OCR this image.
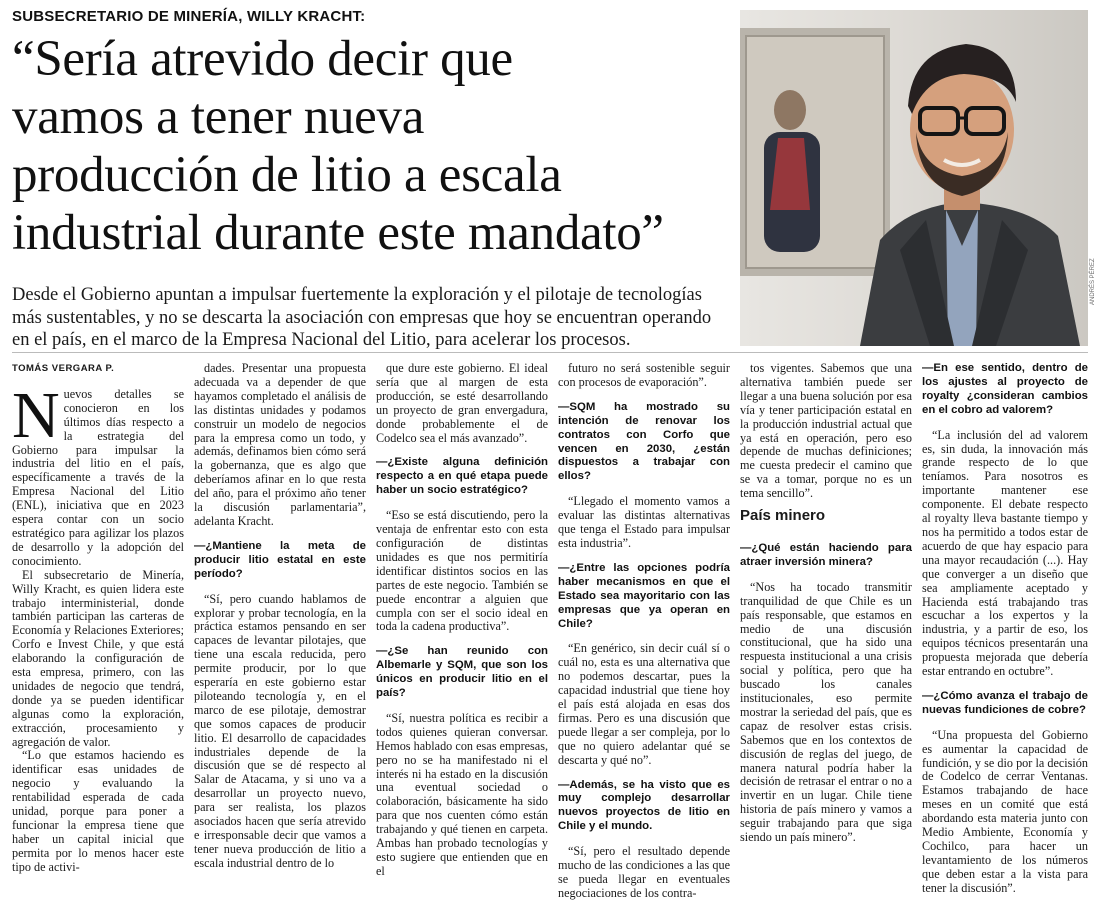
SUBSECRETARIO DE MINERÍA, WILLY KRACHT:
“Sería atrevido decir que
vamos a tener nueva
producción de litio a escala
industrial durante este mandato”
Desde el Gobierno apuntan a impulsar fuertemente la exploración y el pilotaje de tecnologías
más sustentables, y no se descarta la asociación con empresas que hoy se encuentran operando
en el país, en el marco de la Empresa Nacional del Litio, para acelerar los procesos.
ANDRÉS PÉREZ

TOMÁS VERGARA P.

N uevos detalles se conocieron en los últimos días respecto a la estrategia del Gobierno para impulsar la industria del litio en el país, específicamente a través de la Empresa Nacional del Litio (ENL), iniciativa que en 2023 espera contar con un socio estratégico para agilizar los plazos de desarrollo y la adopción del conocimiento.

El subsecretario de Minería, Willy Kracht, es quien lidera este trabajo interministerial, donde también participan las carteras de Economía y Relaciones Exteriores; Corfo e Invest Chile, y que está elaborando la configuración de esta empresa, primero, con las unidades de negocio que tendrá, donde ya se pueden identificar algunas como la exploración, extracción, procesamiento y agregación de valor.

“Lo que estamos haciendo es identificar esas unidades de negocio y evaluando la rentabilidad esperada de cada unidad, porque para poner a funcionar la empresa tiene que haber un capital inicial que permita por lo menos hacer este tipo de activi-

dades. Presentar una propuesta adecuada va a depender de que hayamos completado el análisis de las distintas unidades y podamos construir un modelo de negocios para la empresa como un todo, y además, definamos bien cómo será la gobernanza, que es algo que deberíamos afinar en lo que resta del año, para el próximo año tener la discusión parlamentaria”, adelanta Kracht.

—¿Mantiene la meta de producir litio estatal en este período?

“Sí, pero cuando hablamos de explorar y probar tecnología, en la práctica estamos pensando en ser capaces de levantar pilotajes, que tiene una escala reducida, pero permite producir, por lo que esperaría en este gobierno estar piloteando tecnología y, en el marco de ese pilotaje, demostrar que somos capaces de producir litio. El desarrollo de capacidades industriales depende de la discusión que se dé respecto al Salar de Atacama, y si uno va a desarrollar un proyecto nuevo, para ser realista, los plazos asociados hacen que sería atrevido e irresponsable decir que vamos a tener nueva producción de litio a escala industrial dentro de lo

que dure este gobierno. El ideal sería que al margen de esta producción, se esté desarrollando un proyecto de gran envergadura, donde probablemente el de Codelco sea el más avanzado”.

—¿Existe alguna definición respecto a en qué etapa puede haber un socio estratégico?

“Eso se está discutiendo, pero la ventaja de enfrentar esto con esta configuración de distintas unidades es que nos permitiría identificar distintos socios en las partes de este negocio. También se puede encontrar a alguien que cumpla con ser el socio ideal en toda la cadena productiva”.

—¿Se han reunido con Albemarle y SQM, que son los únicos en producir litio en el país?

“Sí, nuestra política es recibir a todos quienes quieran conversar. Hemos hablado con esas empresas, pero no se ha manifestado ni el interés ni ha estado en la discusión una eventual sociedad o colaboración, básicamente ha sido para que nos cuenten cómo están trabajando y qué tienen en carpeta. Ambas han probado tecnologías y esto sugiere que entienden que en el

futuro no será sostenible seguir con procesos de evaporación”.

—SQM ha mostrado su intención de renovar los contratos con Corfo que vencen en 2030, ¿están dispuestos a trabajar con ellos?

“Llegado el momento vamos a evaluar las distintas alternativas que tenga el Estado para impulsar esta industria”.

—¿Entre las opciones podría haber mecanismos en que el Estado sea mayoritario con las empresas que ya operan en Chile?

“En genérico, sin decir cuál sí o cuál no, esta es una alternativa que no podemos descartar, pues la capacidad industrial que tiene hoy el país está alojada en esas dos firmas. Pero es una discusión que puede llegar a ser compleja, por lo que no quiero adelantar qué se descarta y qué no”.

—Además, se ha visto que es muy complejo desarrollar nuevos proyectos de litio en Chile y el mundo.

“Sí, pero el resultado depende mucho de las condiciones a las que se pueda llegar en eventuales negociaciones de los contra-

tos vigentes. Sabemos que una alternativa también puede ser llegar a una buena solución por esa vía y tener participación estatal en la producción industrial actual que ya está en operación, pero eso depende de muchas definiciones; me cuesta predecir el camino que se va a tomar, porque no es un tema sencillo”.

País minero

—¿Qué están haciendo para atraer inversión minera?

“Nos ha tocado transmitir tranquilidad de que Chile es un país responsable, que estamos en medio de una discusión constitucional, que ha sido una respuesta institucional a una crisis social y política, pero que ha buscado los canales institucionales, eso permite mostrar la seriedad del país, que es capaz de resolver estas crisis. Sabemos que en los contextos de discusión de reglas del juego, de manera natural podría haber la decisión de retrasar el entrar o no a invertir en un lugar. Chile tiene historia de país minero y vamos a seguir trabajando para que siga siendo un país minero”.

—En ese sentido, dentro de los ajustes al proyecto de royalty ¿consideran cambios en el cobro ad valorem?

“La inclusión del ad valorem es, sin duda, la innovación más grande respecto de lo que teníamos. Para nosotros es importante mantener ese componente. El debate respecto al royalty lleva bastante tiempo y nos ha permitido a todos estar de acuerdo de que hay espacio para una mayor recaudación (...). Hay que converger a un diseño que sea ampliamente aceptado y Hacienda está trabajando tras escuchar a los expertos y la industria, y a partir de eso, los equipos técnicos presentarán una propuesta mejorada que debería estar entrando en octubre”.

—¿Cómo avanza el trabajo de nuevas fundiciones de cobre?

“Una propuesta del Gobierno es aumentar la capacidad de fundición, y se dio por la decisión de Codelco de cerrar Ventanas. Estamos trabajando de hace meses en un comité que está abordando esta materia junto con Medio Ambiente, Economía y Cochilco, para hacer un levantamiento de los números que deben estar a la vista para tener la discusión”.
